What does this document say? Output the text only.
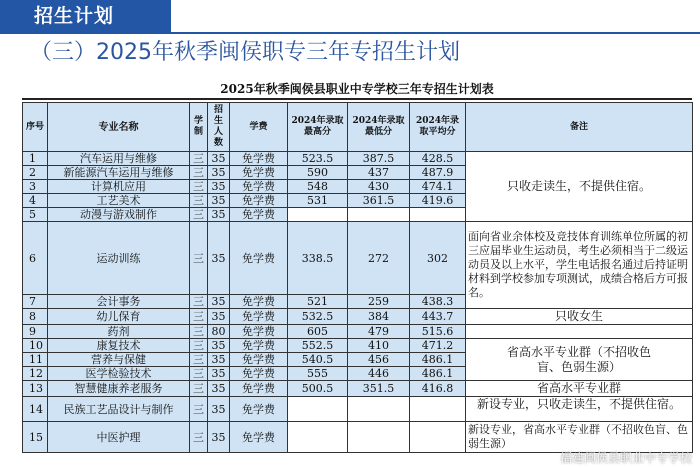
招生计划
（三）2025年秋季闽侯职专三年专招生计划
2025年秋季闽侯县职业中专学校三年专招生计划表
序号	专业名称	学制	招生人数	学费	2024年录取最高分	2024年录取最低分	2024年录取平均分	备注
1	汽车运用与维修	三	35	免学费	523.5	387.5	428.5	只收走读生，不提供住宿。
2	新能源汽车运用与维修	三	35	免学费	590	437	487.9	
3	计算机应用	三	35	免学费	548	430	474.1	
4	工艺美术	三	35	免学费	531	361.5	419.6	
5	动漫与游戏制作	三	35	免学费				
6	运动训练	三	35	免学费	338.5	272	302	面向省业余体校及竞技体育训练单位所属的初三应届毕业生运动员，考生必须相当于二级运动员及以上水平，学生电话报名通过后持证明材料到学校参加专项测试，成绩合格后方可报名。
7	会计事务	三	35	免学费	521	259	438.3	
8	幼儿保育	三	35	免学费	532.5	384	443.7	只收女生
9	药剂	三	80	免学费	605	479	515.6	
10	康复技术	三	35	免学费	552.5	410	471.2	省高水平专业群（不招收色盲、色弱生源）
11	营养与保健	三	35	免学费	540.5	456	486.1	
12	医学检验技术	三	35	免学费	555	446	486.1	
13	智慧健康养老服务	三	35	免学费	500.5	351.5	416.8	省高水平专业群
14	民族工艺品设计与制作	三	35	免学费				新设专业，只收走读生，不提供住宿。
15	中医护理	三	35	免学费				新设专业，省高水平专业群（不招收色盲、色弱生源）
福建闽侯县职业中专学校
